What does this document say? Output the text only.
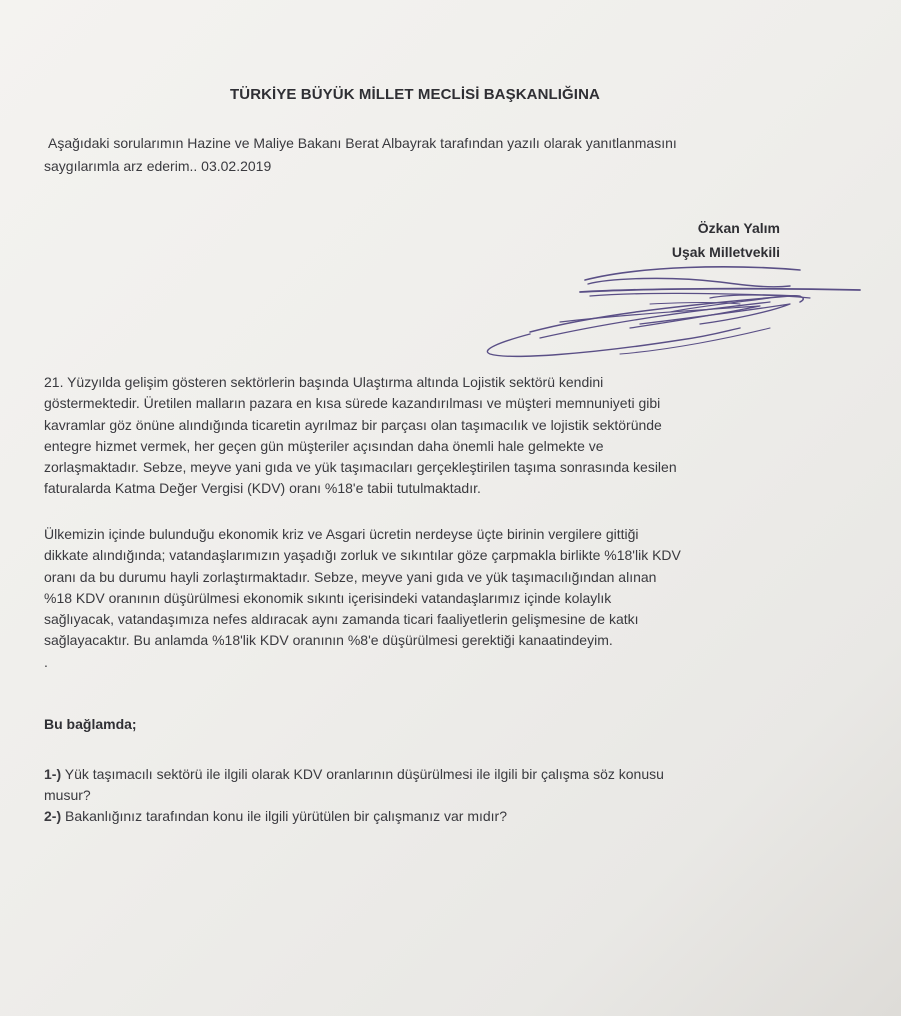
TÜRKİYE BÜYÜK MİLLET MECLİSİ BAŞKANLIĞINA
Aşağıdaki sorularımın Hazine ve Maliye Bakanı Berat Albayrak tarafından yazılı olarak yanıtlanmasını
saygılarımla arz ederim.. 03.02.2019
Özkan Yalım
Uşak Milletvekili
21. Yüzyılda gelişim gösteren sektörlerin başında Ulaştırma altında Lojistik sektörü kendini
göstermektedir. Üretilen malların pazara en kısa sürede kazandırılması ve müşteri memnuniyeti gibi
kavramlar göz önüne alındığında ticaretin ayrılmaz bir parçası olan taşımacılık ve lojistik sektöründe
entegre hizmet vermek, her geçen gün müşteriler açısından daha önemli hale gelmekte ve
zorlaşmaktadır. Sebze, meyve yani gıda ve yük taşımacıları gerçekleştirilen taşıma sonrasında kesilen
faturalarda Katma Değer Vergisi (KDV) oranı %18'e tabii tutulmaktadır.
Ülkemizin içinde bulunduğu ekonomik kriz ve Asgari ücretin nerdeyse üçte birinin vergilere gittiği
dikkate alındığında; vatandaşlarımızın yaşadığı zorluk ve sıkıntılar göze çarpmakla birlikte %18'lik KDV
oranı da bu durumu hayli zorlaştırmaktadır. Sebze, meyve yani gıda ve yük taşımacılığından alınan
%18 KDV oranının düşürülmesi ekonomik sıkıntı içerisindeki vatandaşlarımız içinde kolaylık
sağlıyacak, vatandaşımıza nefes aldıracak aynı zamanda ticari faaliyetlerin gelişmesine de katkı
sağlayacaktır. Bu anlamda %18'lik KDV oranının %8'e düşürülmesi gerektiği kanaatindeyim.
.
Bu bağlamda;
1-) Yük taşımacılı sektörü ile ilgili olarak KDV oranlarının düşürülmesi ile ilgili bir çalışma söz konusu
musur?
2-) Bakanlığınız tarafından konu ile ilgili yürütülen bir çalışmanız var mıdır?
